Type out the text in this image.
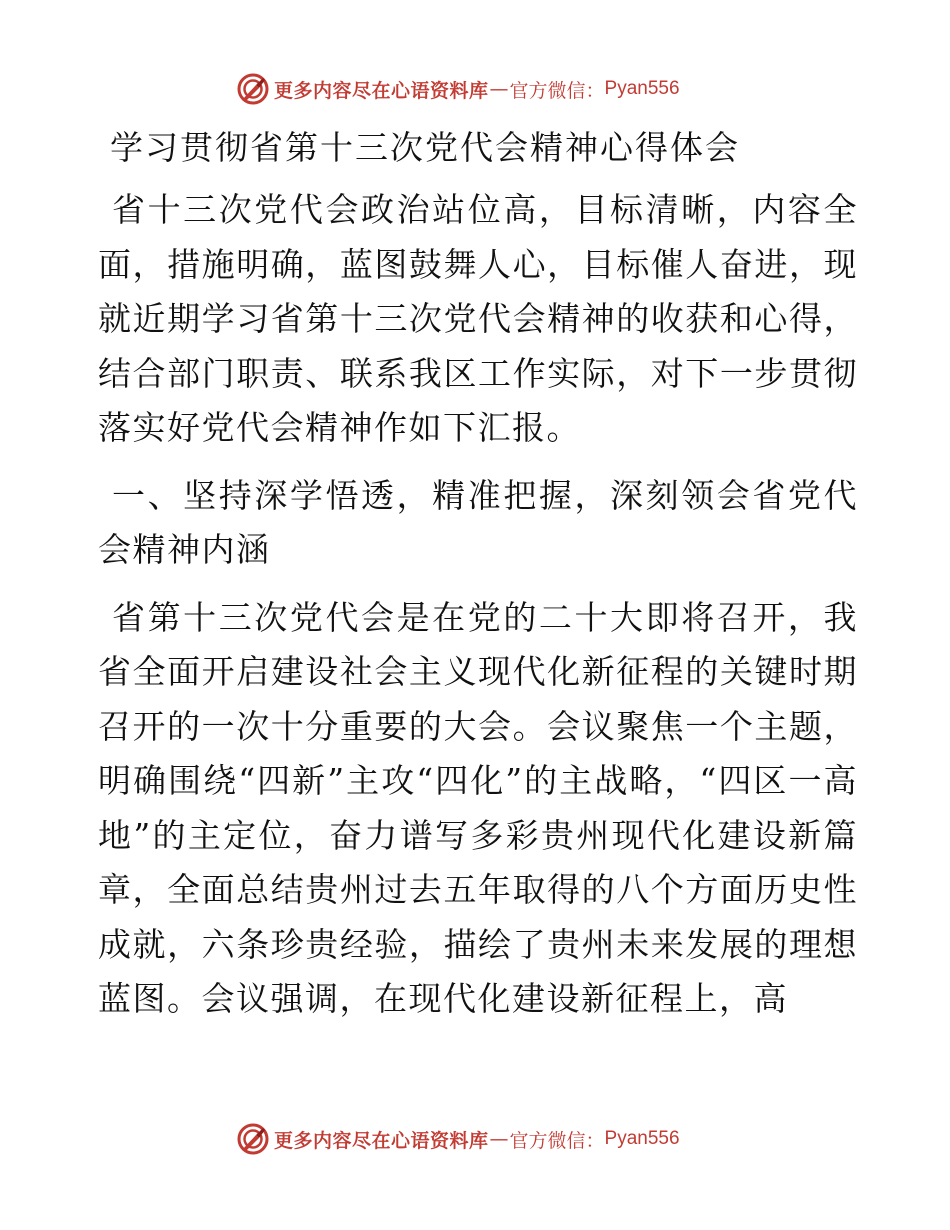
更多内容尽在心语资料库 — 官方微信： Pyan556
学习贯彻省第十三次党代会精神心得体会

省十三次党代会政治站位高，目标清晰，内容全面，措施明确，蓝图鼓舞人心，目标催人奋进，现就近期学习省第十三次党代会精神的收获和心得，结合部门职责、联系我区工作实际，对下一步贯彻落实好党代会精神作如下汇报。

一、坚持深学悟透，精准把握，深刻领会省党代会精神内涵

省第十三次党代会是在党的二十大即将召开，我省全面开启建设社会主义现代化新征程的关键时期召开的一次十分重要的大会。会议聚焦一个主题，明确围绕“四新”主攻“四化”的主战略，“四区一高地”的主定位，奋力谱写多彩贵州现代化建设新篇章，全面总结贵州过去五年取得的八个方面历史性成就，六条珍贵经验，描绘了贵州未来发展的理想蓝图。会议强调，在现代化建设新征程上，高

更多内容尽在心语资料库 — 官方微信： Pyan556
